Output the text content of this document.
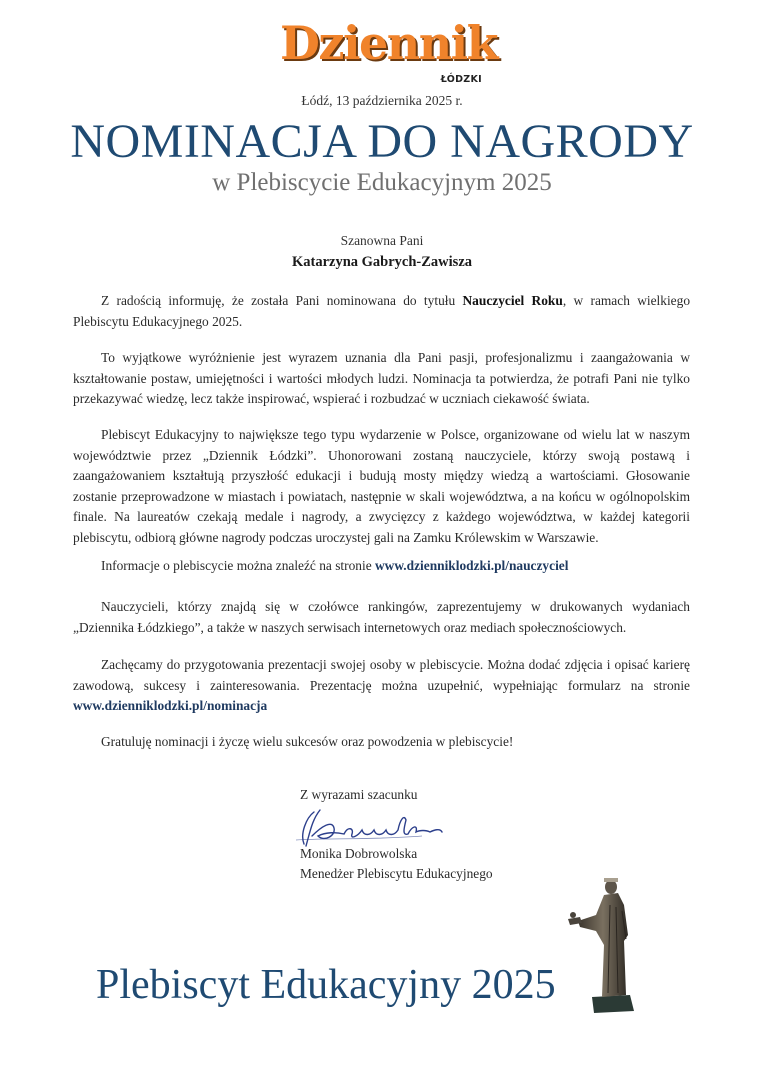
Dziennik
ŁÓDZKI
Łódź, 13 października 2025 r.
NOMINACJA DO NAGRODY
w Plebiscycie Edukacyjnym 2025
Szanowna Pani
Katarzyna Gabrych-Zawisza

Z radością informuję, że została Pani nominowana do tytułu Nauczyciel Roku, w ramach wielkiego Plebiscytu Edukacyjnego 2025.

To wyjątkowe wyróżnienie jest wyrazem uznania dla Pani pasji, profesjonalizmu i zaangażowania w kształtowanie postaw, umiejętności i wartości młodych ludzi. Nominacja ta potwierdza, że potrafi Pani nie tylko przekazywać wiedzę, lecz także inspirować, wspierać i rozbudzać w uczniach ciekawość świata.

Plebiscyt Edukacyjny to największe tego typu wydarzenie w Polsce, organizowane od wielu lat w naszym województwie przez „Dziennik Łódzki”. Uhonorowani zostaną nauczyciele, którzy swoją postawą i zaangażowaniem kształtują przyszłość edukacji i budują mosty między wiedzą a wartościami. Głosowanie zostanie przeprowadzone w miastach i powiatach, następnie w skali województwa, a na końcu w ogólnopolskim finale. Na laureatów czekają medale i nagrody, a zwycięzcy z każdego województwa, w każdej kategorii plebiscytu, odbiorą główne nagrody podczas uroczystej gali na Zamku Królewskim w Warszawie.

Informacje o plebiscycie można znaleźć na stronie www.dzienniklodzki.pl/nauczyciel

Nauczycieli, którzy znajdą się w czołówce rankingów, zaprezentujemy w drukowanych wydaniach „Dziennika Łódzkiego”, a także w naszych serwisach internetowych oraz mediach społecznościowych.

Zachęcamy do przygotowania prezentacji swojej osoby w plebiscycie. Można dodać zdjęcia i opisać karierę zawodową, sukcesy i zainteresowania. Prezentację można uzupełnić, wypełniając formularz na stronie www.dzienniklodzki.pl/nominacja

Gratuluję nominacji i życzę wielu sukcesów oraz powodzenia w plebiscycie!

Z wyrazami szacunku
Monika Dobrowolska
Menedżer Plebiscytu Edukacyjnego
Plebiscyt Edukacyjny 2025
